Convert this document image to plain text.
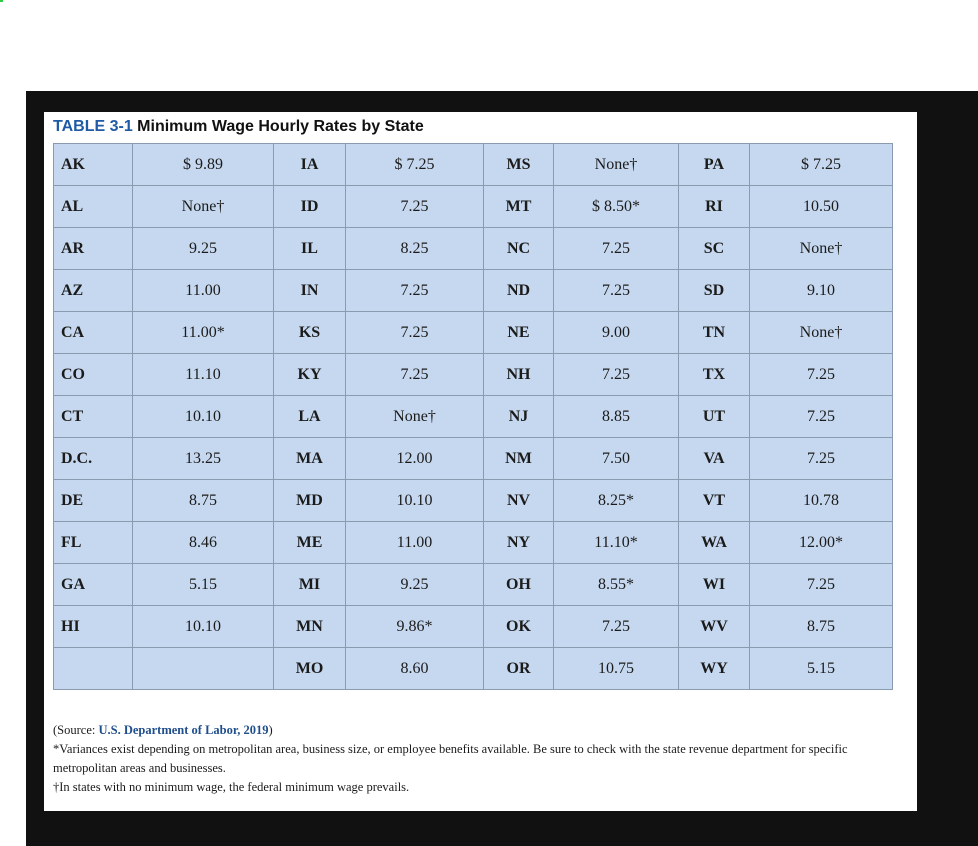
TABLE 3-1 Minimum Wage Hourly Rates by State
AK	$ 9.89	IA	$ 7.25	MS	None†	PA	$ 7.25
AL	None†	ID	7.25	MT	$ 8.50*	RI	10.50
AR	9.25	IL	8.25	NC	7.25	SC	None†
AZ	11.00	IN	7.25	ND	7.25	SD	9.10
CA	11.00*	KS	7.25	NE	9.00	TN	None†
CO	11.10	KY	7.25	NH	7.25	TX	7.25
CT	10.10	LA	None†	NJ	8.85	UT	7.25
D.C.	13.25	MA	12.00	NM	7.50	VA	7.25
DE	8.75	MD	10.10	NV	8.25*	VT	10.78
FL	8.46	ME	11.00	NY	11.10*	WA	12.00*
GA	5.15	MI	9.25	OH	8.55*	WI	7.25
HI	10.10	MN	9.86*	OK	7.25	WV	8.75
		MO	8.60	OR	10.75	WY	5.15

(Source: U.S. Department of Labor, 2019)

*Variances exist depending on metropolitan area, business size, or employee benefits available. Be sure to check with the state revenue department for specific metropolitan areas and businesses.

†In states with no minimum wage, the federal minimum wage prevails.
